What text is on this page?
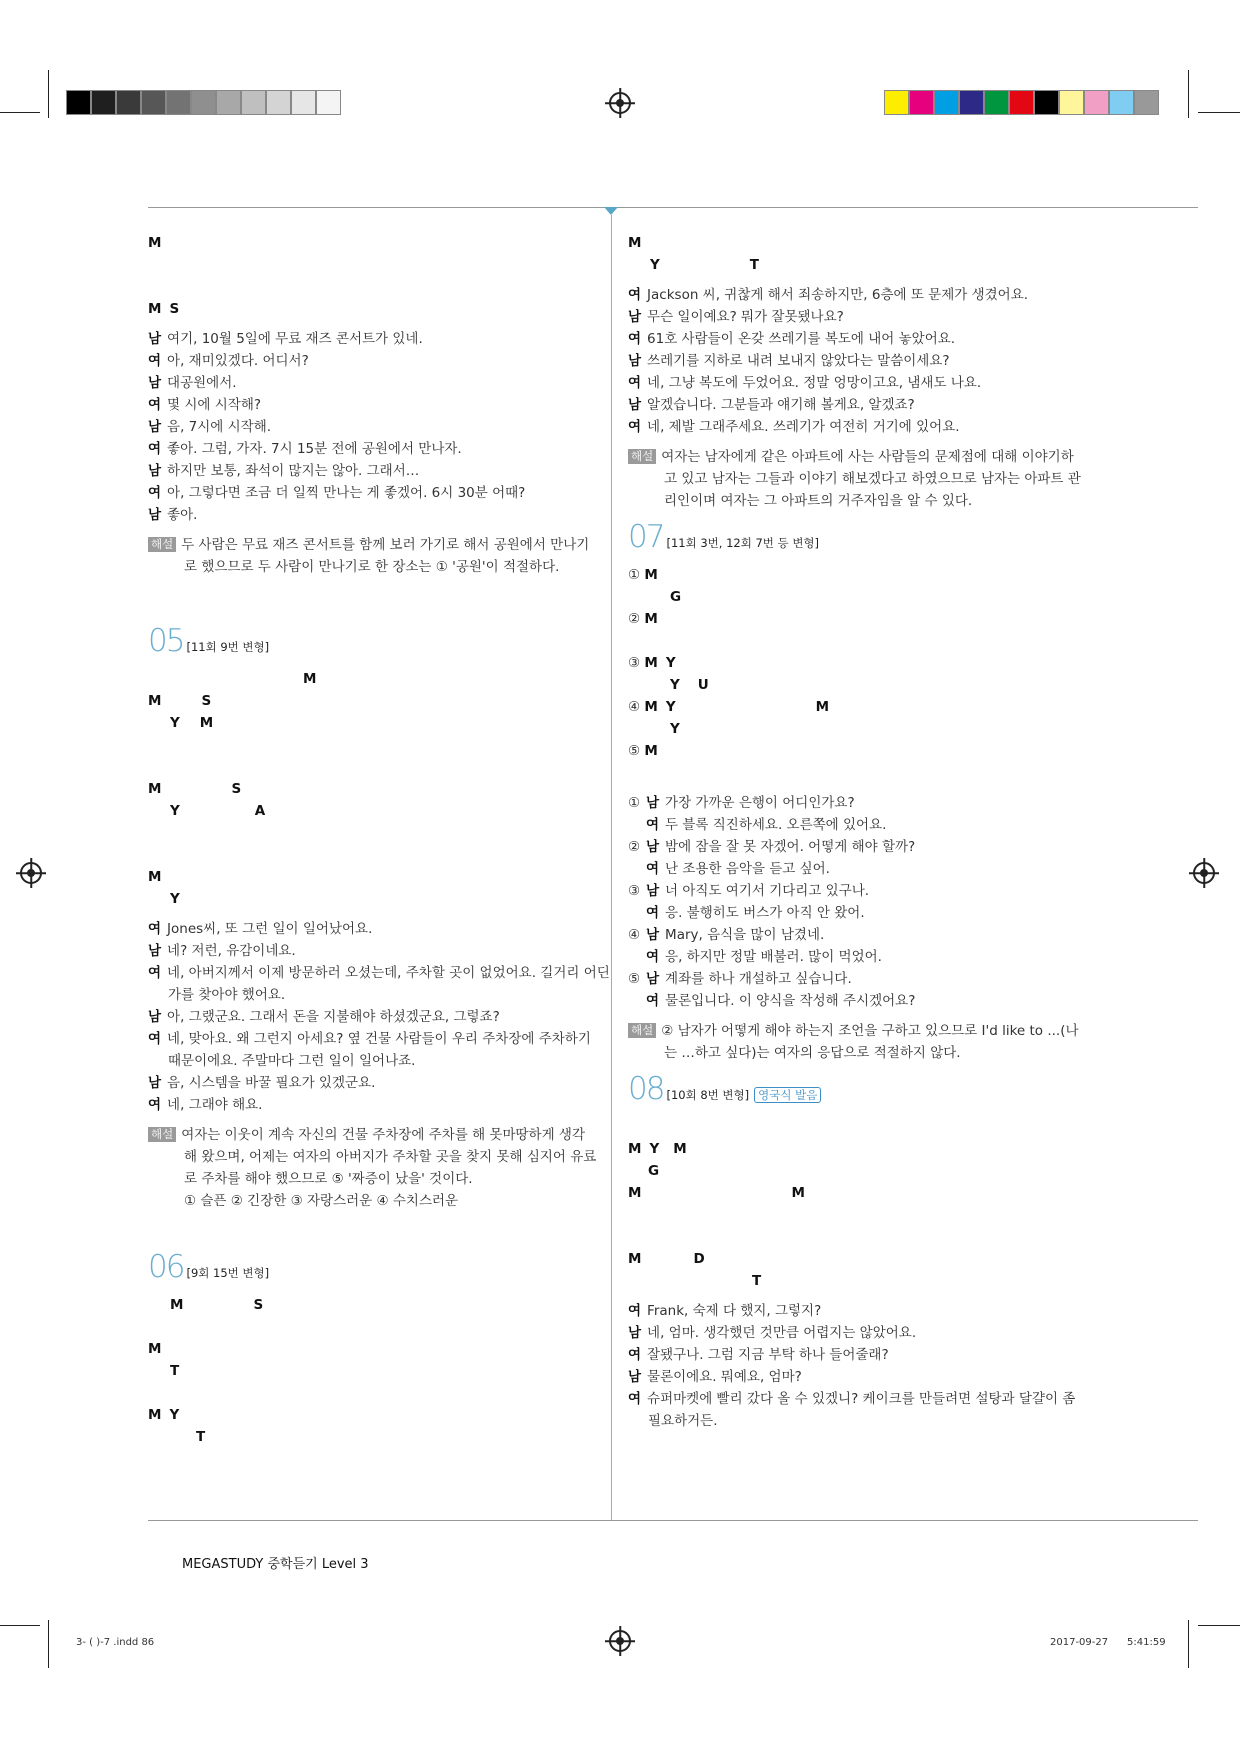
M
M S
남 여기, 10월 5일에 무료 재즈 콘서트가 있네.
여 아, 재미있겠다. 어디서?
남 대공원에서.
여 몇 시에 시작해?
남 음, 7시에 시작해.
여 좋아. 그럼, 가자. 7시 15분 전에 공원에서 만나자.
남 하지만 보통, 좌석이 많지는 않아. 그래서…
여 아, 그렇다면 조금 더 일찍 만나는 게 좋겠어. 6시 30분 어때?
남 좋아.
해설 두 사람은 무료 재즈 콘서트를 함께 보러 가기로 해서 공원에서 만나기
로 했으므로 두 사람이 만나기로 한 장소는 ① '공원'이 적절하다.
05 [11회 9번 변형]
M
M	S
Y M
M	S
Y	A
M
Y
여 Jones씨, 또 그런 일이 일어났어요.
남 네? 저런, 유감이네요.
여 네, 아버지께서 이제 방문하러 오셨는데, 주차할 곳이 없었어요. 길거리 어딘
가를 찾아야 했어요.
남 아, 그랬군요. 그래서 돈을 지불해야 하셨겠군요, 그렇죠?
여 네, 맞아요. 왜 그런지 아세요? 옆 건물 사람들이 우리 주차장에 주차하기
때문이에요. 주말마다 그런 일이 일어나죠.
남 음, 시스템을 바꿀 필요가 있겠군요.
여 네, 그래야 해요.
해설 여자는 이웃이 계속 자신의 건물 주차장에 주차를 해 못마땅하게 생각
해 왔으며, 어제는 여자의 아버지가 주차할 곳을 찾지 못해 심지어 유료
로 주차를 해야 했으므로 ⑤ '짜증이 났을' 것이다.
① 슬픈 ② 긴장한 ③ 자랑스러운 ④ 수치스러운
06 [9회 15번 변형]
M	S
M
T
M Y
T
M
Y	T
여 Jackson 씨, 귀찮게 해서 죄송하지만, 6층에 또 문제가 생겼어요.
남 무슨 일이예요? 뭐가 잘못됐나요?
여 61호 사람들이 온갖 쓰레기를 복도에 내어 놓았어요.
남 쓰레기를 지하로 내려 보내지 않았다는 말씀이세요?
여 네, 그냥 복도에 두었어요. 정말 엉망이고요, 냄새도 나요.
남 알겠습니다. 그분들과 얘기해 볼게요, 알겠죠?
여 네, 제발 그래주세요. 쓰레기가 여전히 거기에 있어요.
해설 여자는 남자에게 같은 아파트에 사는 사람들의 문제점에 대해 이야기하
고 있고 남자는 그들과 이야기 해보겠다고 하였으므로 남자는 아파트 관
리인이며 여자는 그 아파트의 거주자임을 알 수 있다.
07 [11회 3번, 12회 7번 등 변형]
① M
G
② M
③ M Y
Y U
④ M Y	M
Y
⑤ M
① 남 가장 가까운 은행이 어디인가요?
여 두 블록 직진하세요. 오른쪽에 있어요.
② 남 밤에 잠을 잘 못 자겠어. 어떻게 해야 할까?
여 난 조용한 음악을 듣고 싶어.
③ 남 너 아직도 여기서 기다리고 있구나.
여 응. 불행히도 버스가 아직 안 왔어.
④ 남 Mary, 음식을 많이 남겼네.
여 응, 하지만 정말 배불러. 많이 먹었어.
⑤ 남 계좌를 하나 개설하고 싶습니다.
여 물론입니다. 이 양식을 작성해 주시겠어요?
해설 ② 남자가 어떻게 해야 하는지 조언을 구하고 있으므로 I'd like to ...(나
는 …하고 싶다)는 여자의 응답으로 적절하지 않다.
08 [10회 8번 변형] 영국식 발음
M Y M
G
M	M
M	D
T
여 Frank, 숙제 다 했지, 그렇지?
남 네, 엄마. 생각했던 것만큼 어렵지는 않았어요.
여 잘됐구나. 그럼 지금 부탁 하나 들어줄래?
남 물론이에요. 뭐예요, 엄마?
여 슈퍼마켓에 빨리 갔다 올 수 있겠니? 케이크를 만들려면 설탕과 달걀이 좀
필요하거든.
MEGASTUDY 중학듣기 Level 3
3- ( )-7 .indd 86	2017-09-27 5:41:59
